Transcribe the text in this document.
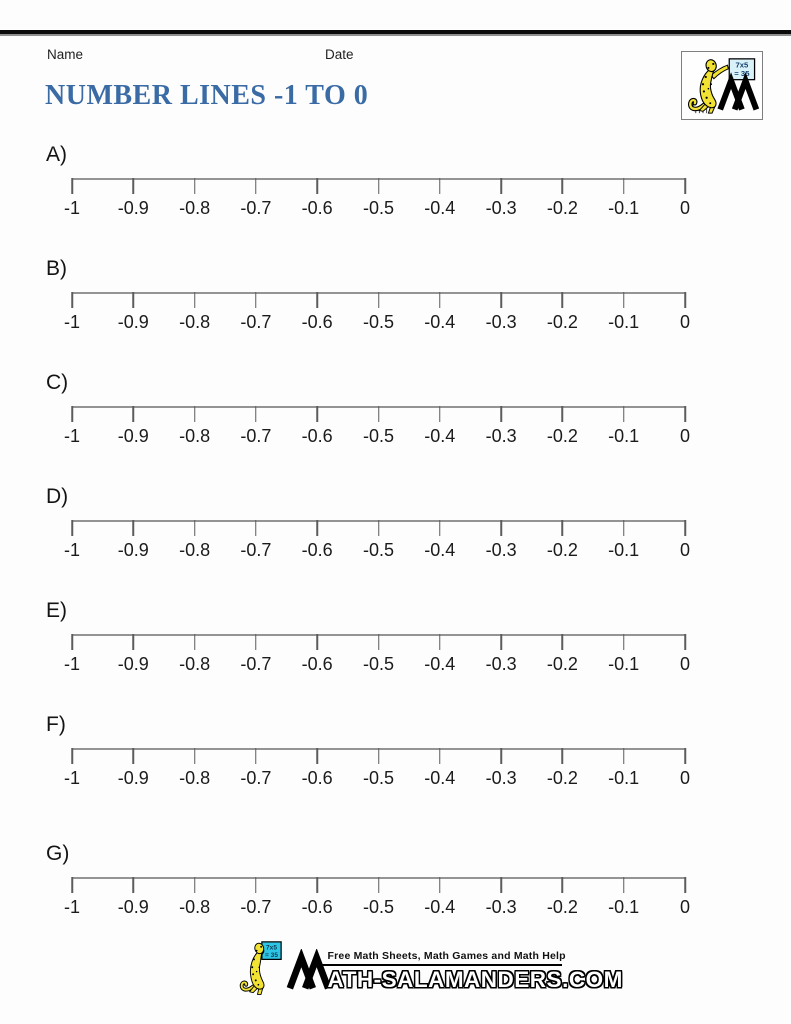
Name	Date
7x5
= 35
NUMBER LINES -1 TO 0
A)
-1 -0.9 -0.8 -0.7 -0.6 -0.5 -0.4 -0.3 -0.2 -0.1 0
B)
-1 -0.9 -0.8 -0.7 -0.6 -0.5 -0.4 -0.3 -0.2 -0.1 0
C)
-1 -0.9 -0.8 -0.7 -0.6 -0.5 -0.4 -0.3 -0.2 -0.1 0
D)
-1 -0.9 -0.8 -0.7 -0.6 -0.5 -0.4 -0.3 -0.2 -0.1 0
E)
-1 -0.9 -0.8 -0.7 -0.6 -0.5 -0.4 -0.3 -0.2 -0.1 0
F)
-1 -0.9 -0.8 -0.7 -0.6 -0.5 -0.4 -0.3 -0.2 -0.1 0
G)
-1 -0.9 -0.8 -0.7 -0.6 -0.5 -0.4 -0.3 -0.2 -0.1 0
7x5
= 35	Free Math Sheets, Math Games and Math Help
ATH-SALAMANDERS.COM
